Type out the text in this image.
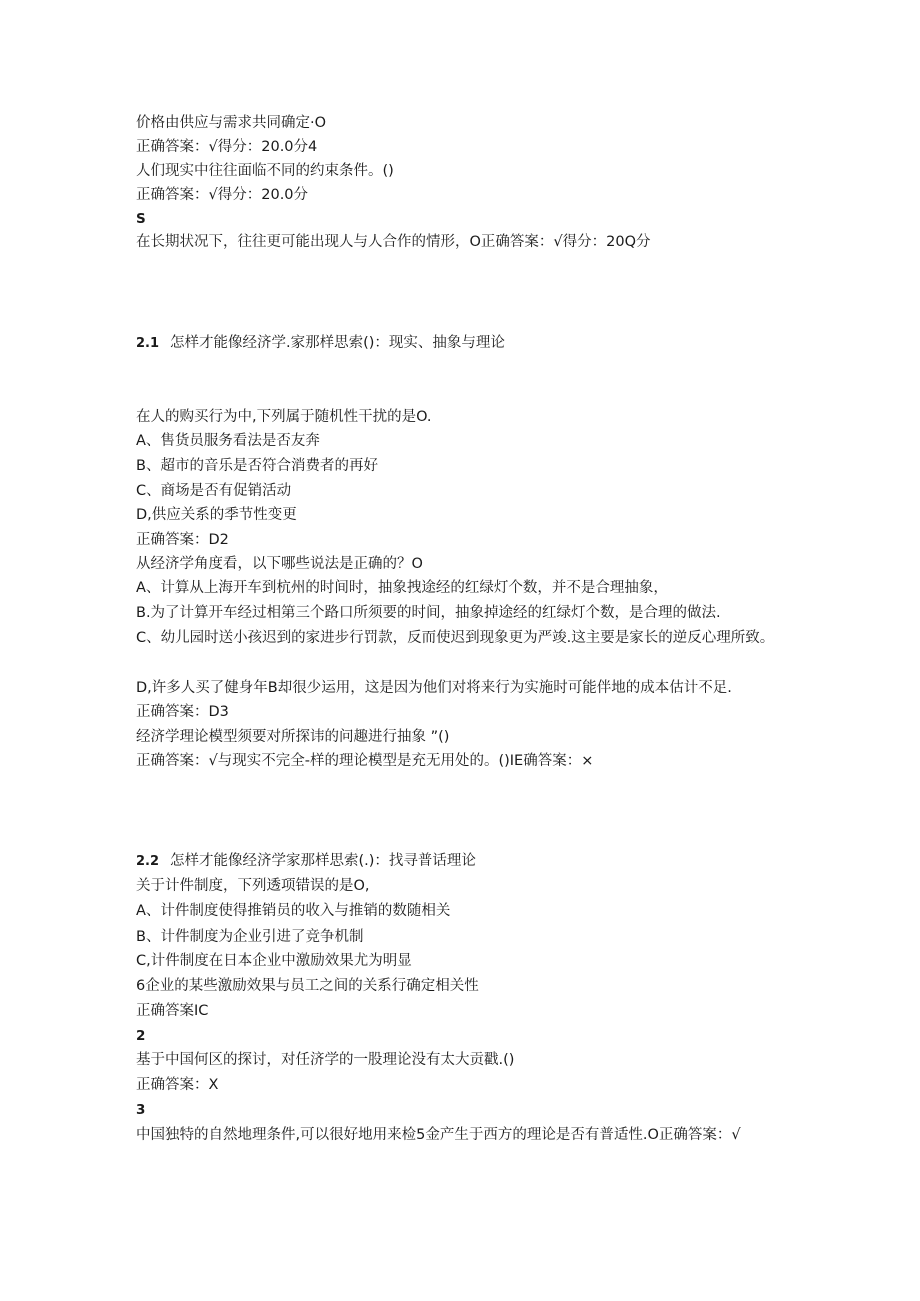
价格由供应与需求共同确定·O
正确答案：√得分：20.0分4
人们现实中往往面临不同的约束条件。()
正确答案：√得分：20.0分
S
在长期状况下，往往更可能出现人与人合作的情形，O正确答案：√得分：20Q分
2.1 怎样才能像经济学.家那样思索()：现实、抽象与理论
在人的购买行为中,下列属于随机性干扰的是O.
A、售货员服务看法是否友奔
B、超市的音乐是否符合消费者的再好
C、商场是否有促销活动
D,供应关系的季节性变更
正确答案：D2
从经济学角度看，以下哪些说法是正确的？O
A、计算从上海开车到杭州的时间时，抽象拽途经的红绿灯个数，并不是合理抽象，
B.为了计算开车经过相第三个路口所须要的时间，抽象掉途经的红绿灯个数，是合理的做法.
C、幼儿园时送小孩迟到的家进步行罚款，反而使迟到现象更为严竣.这主要是家长的逆反心理所致。
D,许多人买了健身年B却很少运用，这是因为他们对将来行为实施时可能伴地的成本估计不足.
正确答案：D3
经济学理论模型须要对所探讳的问趣进行抽象 ”()
正确答案：√与现实不完全-样的理论模型是充无用处的。()IE确答案：×
2.2 怎样才能像经济学家那样思索(.)：找寻普话理论
关于计件制度，下列透项错误的是O,
A、计件制度使得推销员的收入与推销的数随相关
B、计件制度为企业引进了竞争机制
C,计件制度在日本企业中激励效果尤为明显
6企业的某些激励效果与员工之间的关系行确定相关性
正确答案IC
2
基于中国何区的探讨，对任济学的一股理论没有太大贡戳.()
正确答案：X
3
中国独特的自然地理条件,可以很好地用来检5金产生于西方的理论是否有普适性.O正确答案：√
